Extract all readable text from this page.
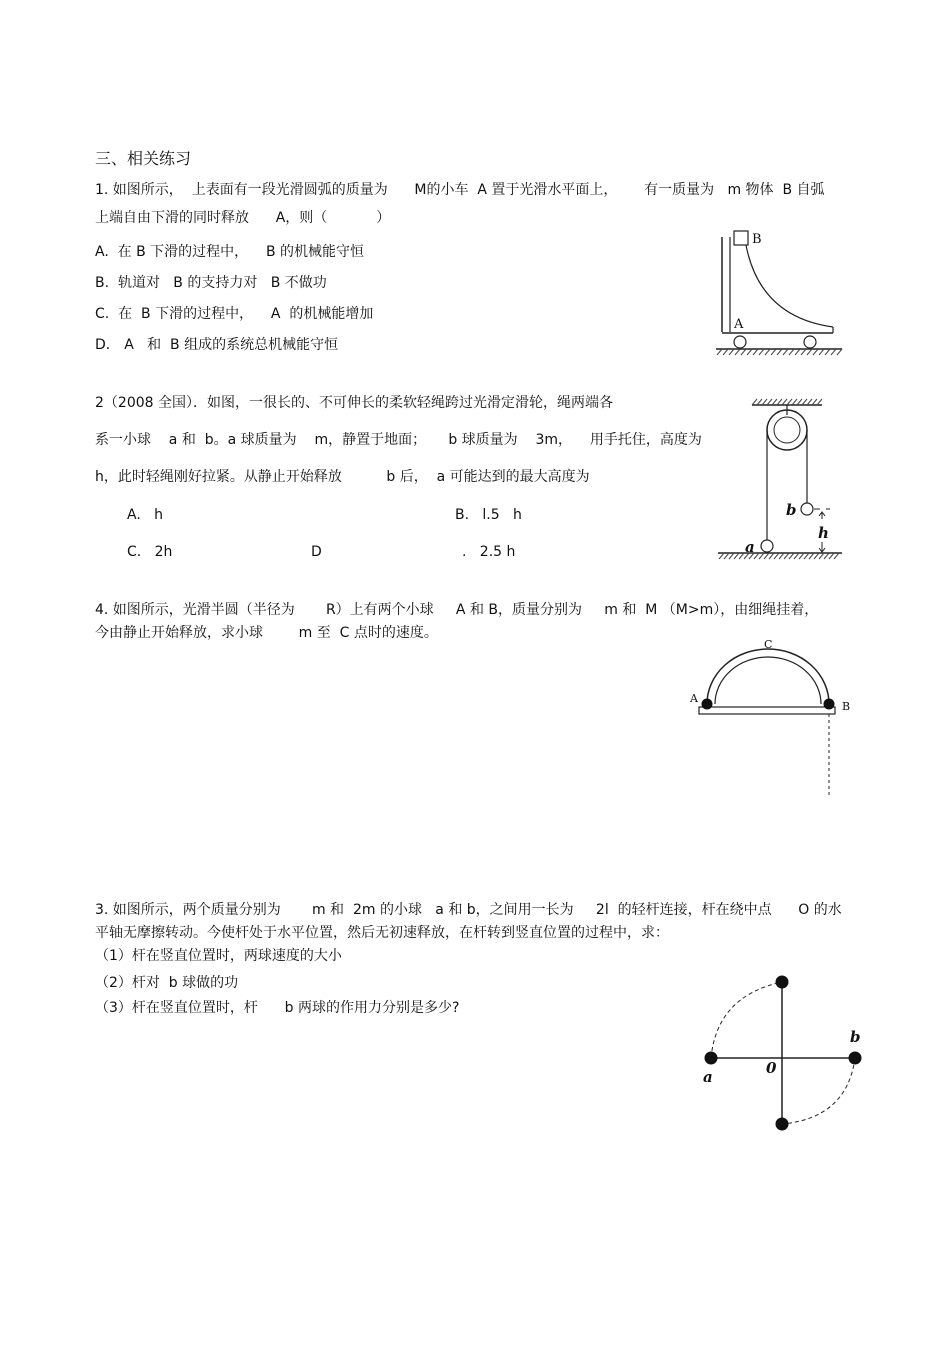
三、相关练习
1. 如图所示，  上表面有一段光滑圆弧的质量为      M的小车  A 置于光滑水平面上，      有一质量为   m 物体  B 自弧
上端自由下滑的同时释放      A，则（           ）
A.  在 B 下滑的过程中，    B 的机械能守恒
B.  轨道对   B 的支持力对   B 不做功
C.  在  B 下滑的过程中，    A  的机械能增加
D． A   和  B 组成的系统总机械能守恒
B
A
2（2008 全国）．如图，一很长的、不可伸长的柔软轻绳跨过光滑定滑轮，绳两端各
系一小球    a 和  b。a 球质量为    m，静置于地面；     b 球质量为    3m，    用手托住，高度为
h，此时轻绳刚好拉紧。从静止开始释放          b 后，  a 可能达到的最大高度为
A.   h	B.   l.5   h
C.   2h	D	.   2.5 h
b
a
h
4. 如图所示，光滑半圆（半径为       R）上有两个小球     A 和 B，质量分别为     m 和  M （M>m），由细绳挂着，
今由静止开始释放，求小球        m 至  C 点时的速度。
C
A
B
3. 如图所示，两个质量分别为       m 和  2m 的小球   a 和 b，之间用一长为     2l  的轻杆连接，杆在绕中点      O 的水
平轴无摩擦转动。今使杆处于水平位置，然后无初速释放，在杆转到竖直位置的过程中，求：
（1）杆在竖直位置时，两球速度的大小
（2）杆对  b 球做的功
（3）杆在竖直位置时，杆      b 两球的作用力分别是多少?
b
a	0
